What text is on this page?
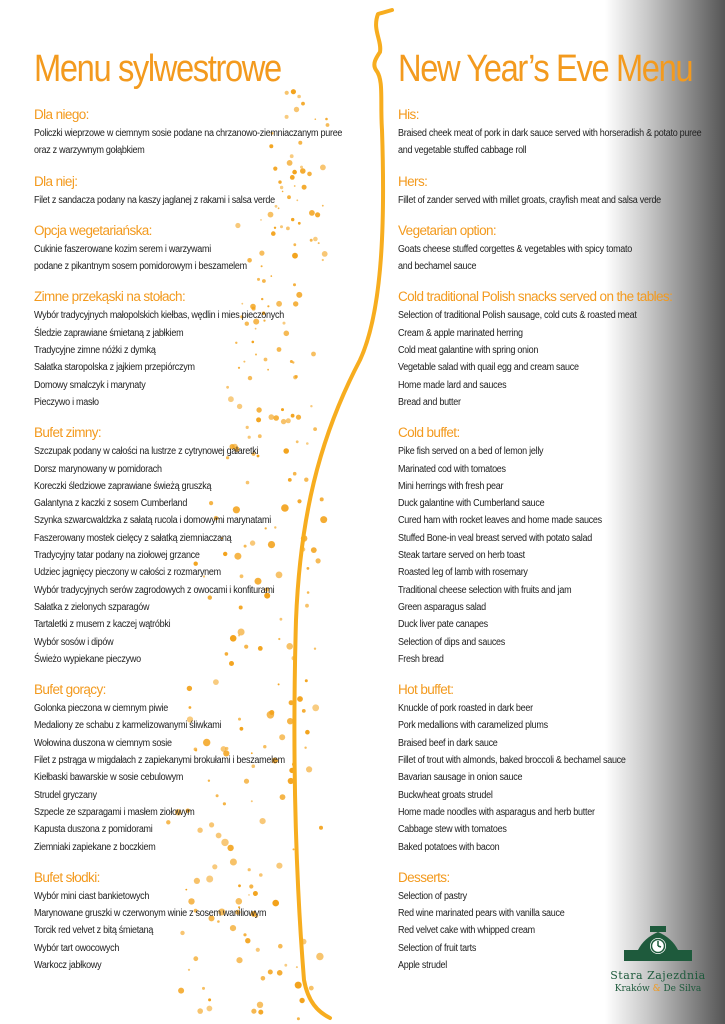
Menu sylwestrowe
Dla niego:
Policzki wieprzowe w ciemnym sosie podane na chrzanowo-ziemniaczanym puree
oraz z warzywnym gołąbkiem
Dla niej:
Filet z sandacza podany na kaszy jaglanej z rakami i salsa verde
Opcja wegetariańska:
Cukinie faszerowane kozim serem i warzywami
podane z pikantnym sosem pomidorowym i beszamelem
Zimne przekąski na stołach:
Wybór tradycyjnych małopolskich kiełbas, wędlin i mies pieczonych
Śledzie zaprawiane śmietaną z jabłkiem
Tradycyjne zimne nóżki z dymką
Sałatka staropolska z jajkiem przepiórczym
Domowy smalczyk i marynaty
Pieczywo i masło
Bufet zimny:
Szczupak podany w całości na lustrze z cytrynowej galaretki
Dorsz marynowany w pomidorach
Koreczki śledziowe zaprawiane świeżą gruszką
Galantyna z kaczki z sosem Cumberland
Szynka szwarcwaldzka z sałatą rucola i domowymi marynatami
Faszerowany mostek cielęcy z sałatką ziemniaczaną
Tradycyjny tatar podany na ziołowej grzance
Udziec jagnięcy pieczony w całości z rozmarynem
Wybór tradycyjnych serów zagrodowych z owocami i konfiturami
Sałatka z zielonych szparagów
Tartaletki z musem z kaczej wątróbki
Wybór sosów i dipów
Świeżo wypiekane pieczywo
Bufet gorący:
Golonka pieczona w ciemnym piwie
Medaliony ze schabu z karmelizowanymi śliwkami
Wołowina duszona w ciemnym sosie
Filet z pstrąga w migdałach z zapiekanymi brokułami i beszamelem
Kiełbaski bawarskie w sosie cebulowym
Strudel gryczany
Szpecle ze szparagami i masłem ziołowym
Kapusta duszona z pomidorami
Ziemniaki zapiekane z boczkiem
Bufet słodki:
Wybór mini ciast bankietowych
Marynowane gruszki w czerwonym winie z sosem waniliowym
Torcik red velvet z bitą śmietaną
Wybór tart owocowych
Warkocz jabłkowy
New Year’s Eve Menu
His:
Braised cheek meat of pork in dark sauce served with horseradish & potato puree
and vegetable stuffed cabbage roll
Hers:
Fillet of zander served with millet groats, crayfish meat and salsa verde
Vegetarian option:
Goats cheese stuffed corgettes & vegetables with spicy tomato
and bechamel sauce
Cold traditional Polish snacks served on the tables:
Selection of traditional Polish sausage, cold cuts & roasted meat
Cream & apple marinated herring
Cold meat galantine with spring onion
Vegetable salad with quail egg and cream sauce
Home made lard and sauces
Bread and butter
Cold buffet:
Pike fish served on a bed of lemon jelly
Marinated cod with tomatoes
Mini herrings with fresh pear
Duck galantine with Cumberland sauce
Cured ham with rocket leaves and home made sauces
Stuffed Bone-in veal breast served with potato salad
Steak tartare served on herb toast
Roasted leg of lamb with rosemary
Traditional cheese selection with fruits and jam
Green asparagus salad
Duck liver pate canapes
Selection of dips and sauces
Fresh bread
Hot buffet:
Knuckle of pork roasted in dark beer
Pork medallions with caramelized plums
Braised beef in dark sauce
Fillet of trout with almonds, baked broccoli & bechamel sauce
Bavarian sausage in onion sauce
Buckwheat groats strudel
Home made noodles with asparagus and herb butter
Cabbage stew with tomatoes
Baked potatoes with bacon
Desserts:
Selection of pastry
Red wine marinated pears with vanilla sauce
Red velvet cake with whipped cream
Selection of fruit tarts
Apple strudel
Stara Zajezdnia
Kraków & De Silva
